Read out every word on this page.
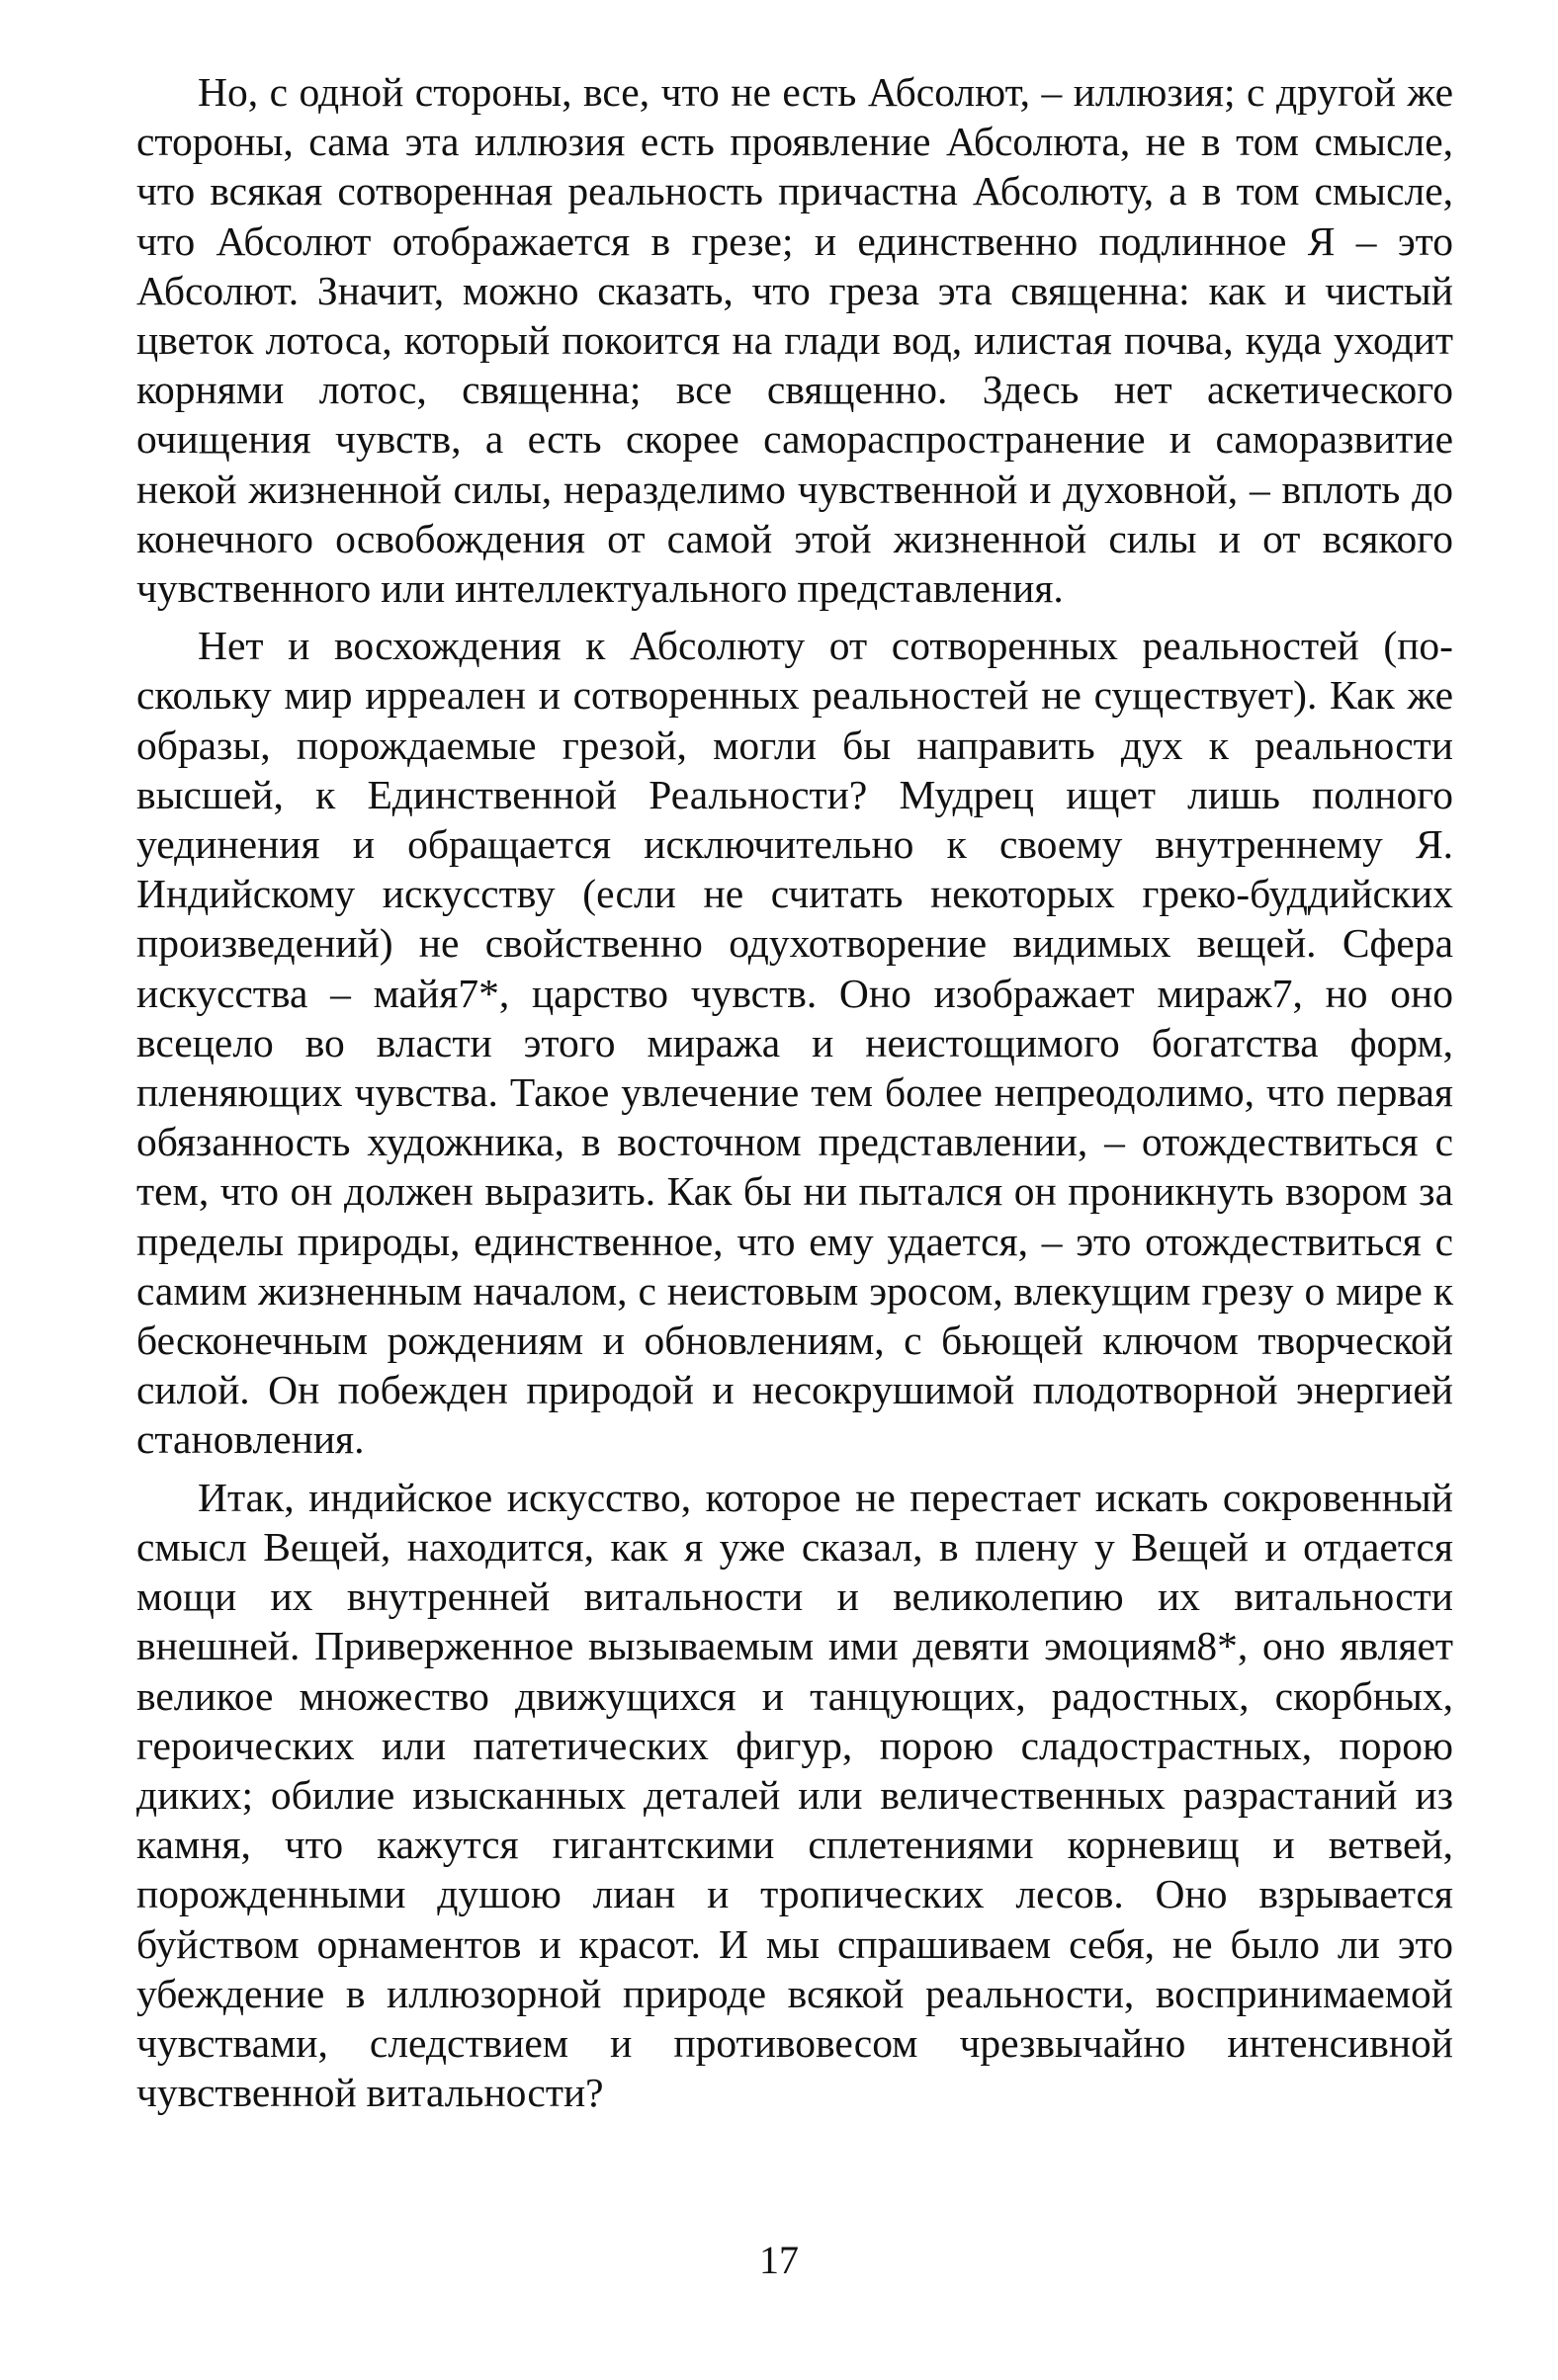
Но, с одной стороны, все, что не есть Абсолют, – иллюзия; с другой же стороны, сама эта иллюзия есть проявление Абсолюта, не в том смысле, что всякая сотворенная реальность причастна Абсолюту, а в том смысле, что Абсолют отображается в грезе; и единственно подлинное Я – это Абсолют. Значит, можно сказать, что греза эта священна: как и чистый цветок лотоса, который покоится на глади вод, илистая почва, куда уходит корнями лотос, священна; все священно. Здесь нет аскетического очищения чувств, а есть скорее самораспространение и саморазвитие некой жизненной силы, неразделимо чувственной и духовной, – вплоть до конечного освобождения от самой этой жизненной силы и от всякого чувственного или интеллектуального представления.

Нет и восхождения к Абсолюту от сотворенных реальностей (поскольку мир ирреален и сотворенных реальностей не существует). Как же образы, порождаемые грезой, могли бы направить дух к реальности высшей, к Единственной Реальности? Мудрец ищет лишь полного уединения и обращается исключительно к своему внутреннему Я. Индийскому искусству (если не считать некоторых греко-буддийских произведений) не свойственно одухотворение видимых вещей. Сфера искусства – майя7*, царство чувств. Оно изображает мираж7, но оно всецело во власти этого миража и неистощимого богатства форм, пленяющих чувства. Такое увлечение тем более непреодолимо, что первая обязанность художника, в восточном представлении, – отождествиться с тем, что он должен выразить. Как бы ни пытался он проникнуть взором за пределы природы, единственное, что ему удается, – это отождествиться с самим жизненным началом, с неистовым эросом, влекущим грезу о мире к бесконечным рождениям и обновлениям, с бьющей ключом творческой силой. Он побежден природой и несокрушимой плодотворной энергией становления.

Итак, индийское искусство, которое не перестает искать сокровенный смысл Вещей, находится, как я уже сказал, в плену у Вещей и отдается мощи их внутренней витальности и великолепию их витальности внешней. Приверженное вызываемым ими девяти эмоциям8*, оно являет великое множество движущихся и танцующих, радостных, скорбных, героических или патетических фигур, порою сладострастных, порою диких; обилие изысканных деталей или величественных разрастаний из камня, что кажутся гигантскими сплетениями корневищ и ветвей, порожденными душою лиан и тропических лесов. Оно взрывается буйством орнаментов и красот. И мы спрашиваем себя, не было ли это убеждение в иллюзорной природе всякой реальности, воспринимаемой чувствами, следствием и противовесом чрезвычайно интенсивной чувственной витальности?

17
